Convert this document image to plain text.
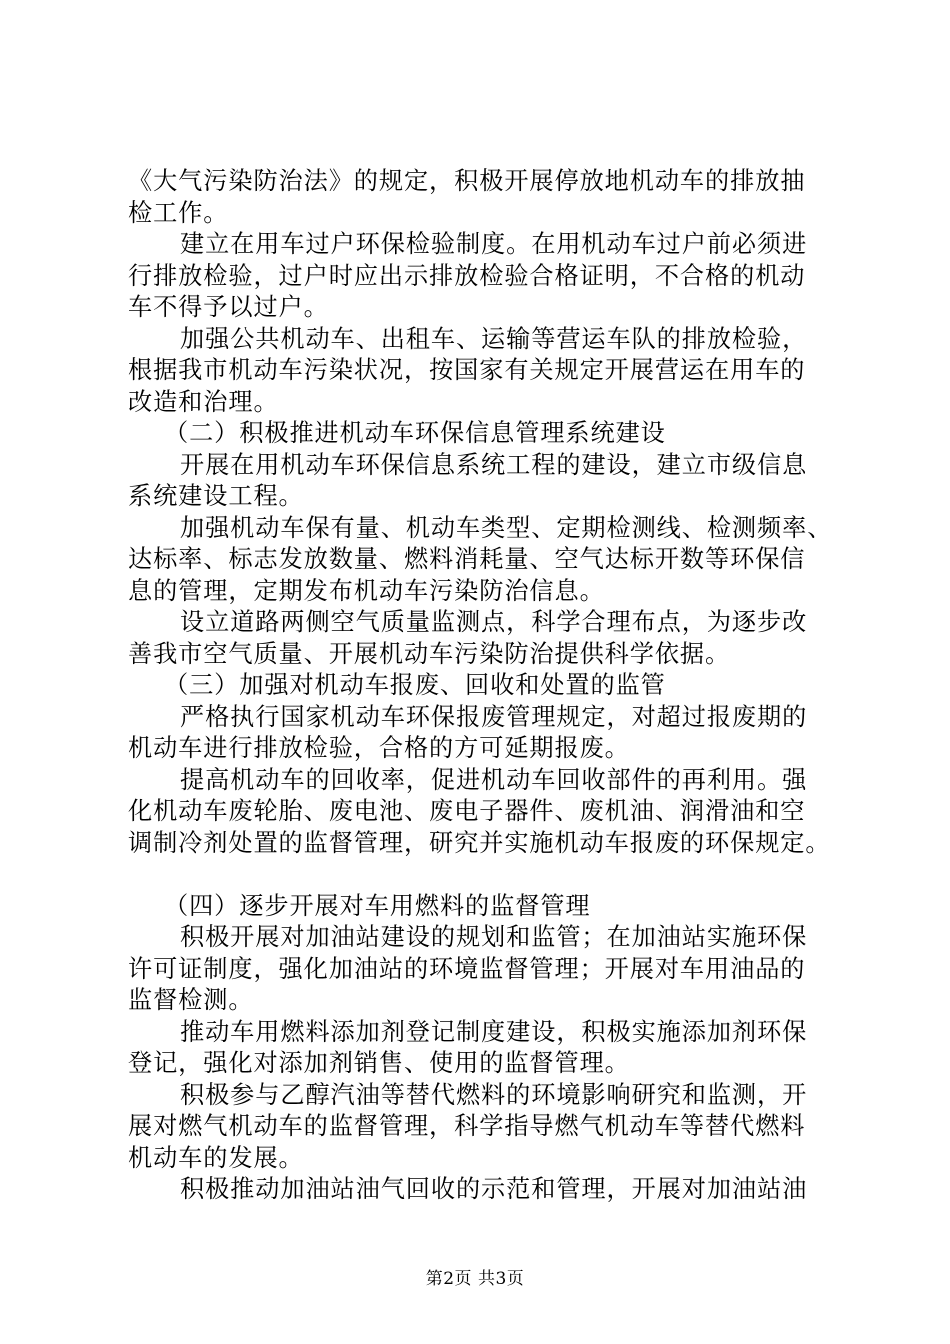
《大气污染防治法》的规定，积极开展停放地机动车的排放抽
检工作。
建立在用车过户环保检验制度。在用机动车过户前必须进
行排放检验，过户时应出示排放检验合格证明，不合格的机动
车不得予以过户。
加强公共机动车、出租车、运输等营运车队的排放检验，
根据我市机动车污染状况，按国家有关规定开展营运在用车的
改造和治理。
（二）积极推进机动车环保信息管理系统建设
开展在用机动车环保信息系统工程的建设，建立市级信息
系统建设工程。
加强机动车保有量、机动车类型、定期检测线、检测频率、
达标率、标志发放数量、燃料消耗量、空气达标开数等环保信
息的管理，定期发布机动车污染防治信息。
设立道路两侧空气质量监测点，科学合理布点，为逐步改
善我市空气质量、开展机动车污染防治提供科学依据。
（三）加强对机动车报废、回收和处置的监管
严格执行国家机动车环保报废管理规定，对超过报废期的
机动车进行排放检验，合格的方可延期报废。
提高机动车的回收率，促进机动车回收部件的再利用。强
化机动车废轮胎、废电池、废电子器件、废机油、润滑油和空
调制冷剂处置的监督管理，研究并实施机动车报废的环保规定。
（四）逐步开展对车用燃料的监督管理
积极开展对加油站建设的规划和监管；在加油站实施环保
许可证制度，强化加油站的环境监督管理；开展对车用油品的
监督检测。
推动车用燃料添加剂登记制度建设，积极实施添加剂环保
登记，强化对添加剂销售、使用的监督管理。
积极参与乙醇汽油等替代燃料的环境影响研究和监测，开
展对燃气机动车的监督管理，科学指导燃气机动车等替代燃料
机动车的发展。
积极推动加油站油气回收的示范和管理，开展对加油站油
第2页 共3页
